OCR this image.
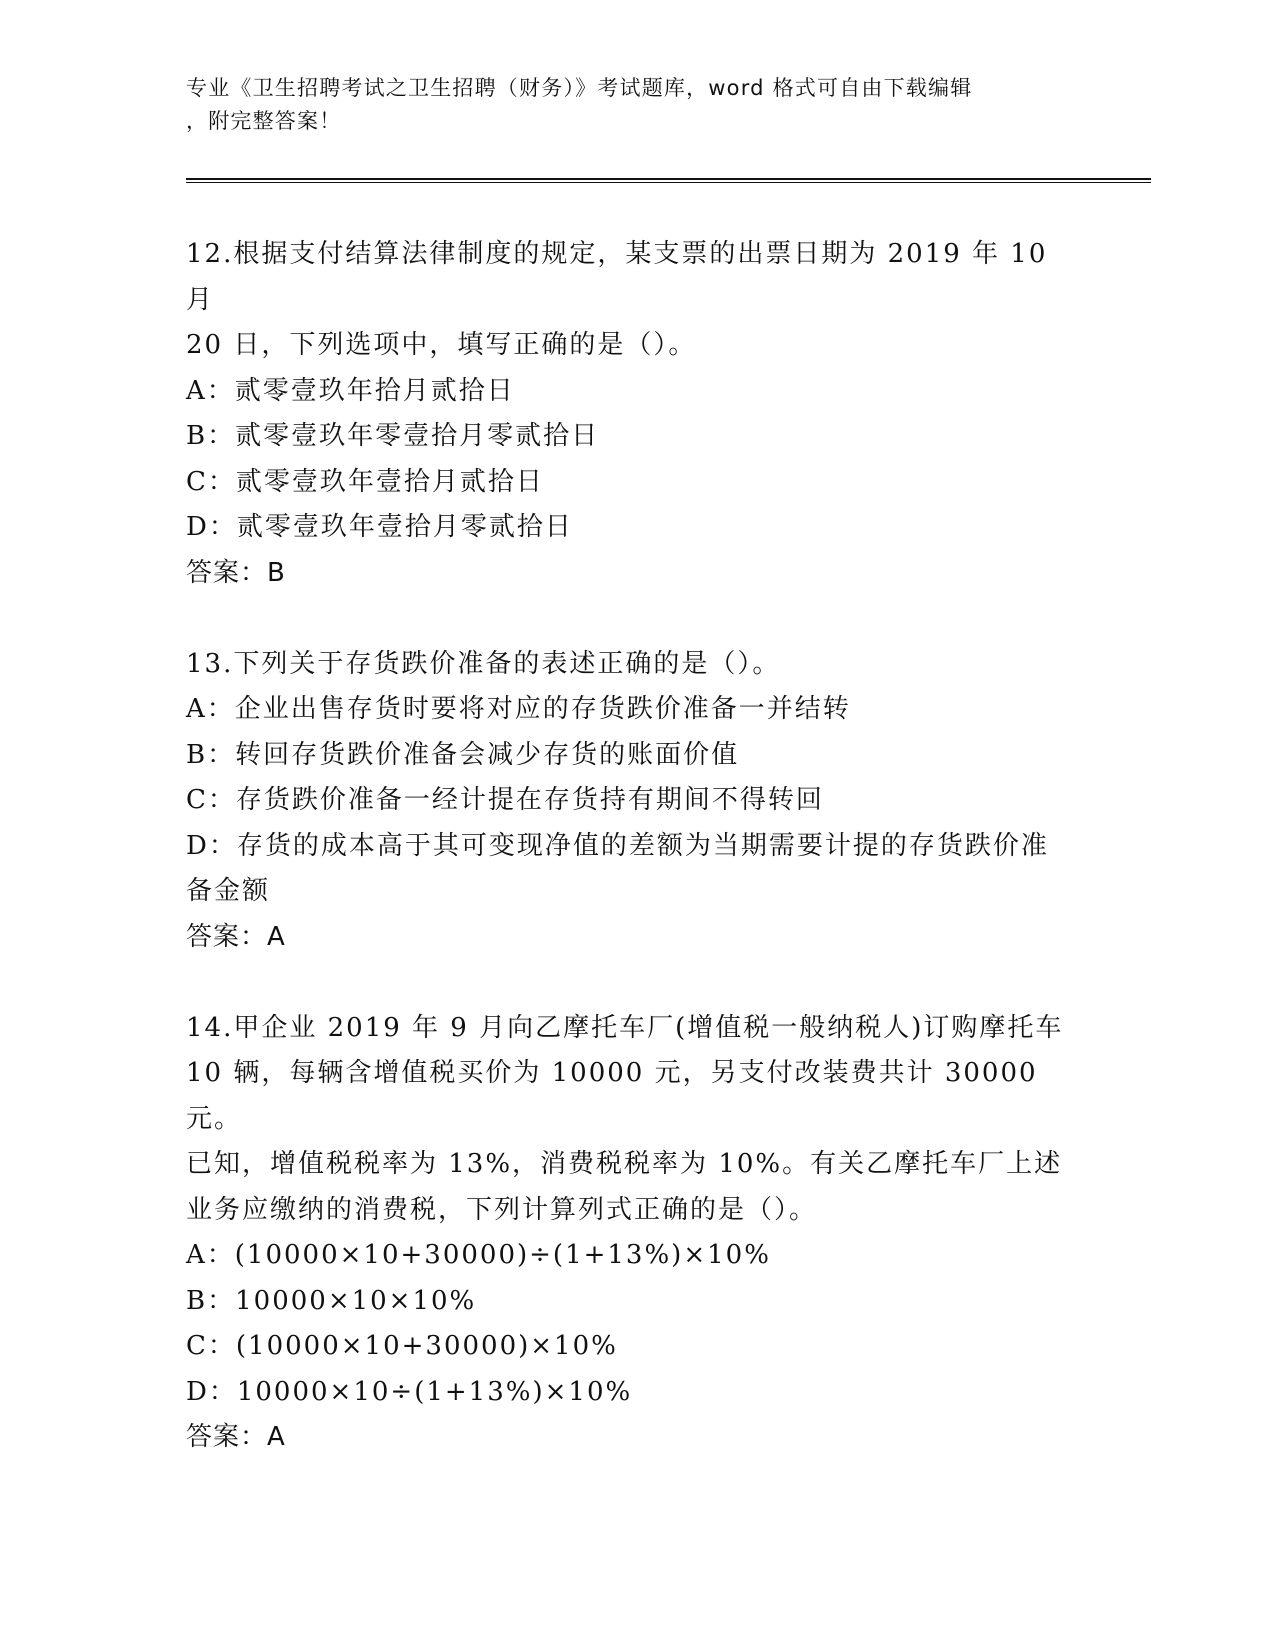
专业《卫生招聘考试之卫生招聘（财务）》考试题库，word 格式可自由下载编辑
，附完整答案！
12.根据支付结算法律制度的规定，某支票的出票日期为 2019 年 10 月
20 日，下列选项中，填写正确的是（）。
A：贰零壹玖年拾月贰拾日
B：贰零壹玖年零壹拾月零贰拾日
C：贰零壹玖年壹拾月贰拾日
D：贰零壹玖年壹拾月零贰拾日
答案：B
13.下列关于存货跌价准备的表述正确的是（）。
A：企业出售存货时要将对应的存货跌价准备一并结转
B：转回存货跌价准备会减少存货的账面价值
C：存货跌价准备一经计提在存货持有期间不得转回
D：存货的成本高于其可变现净值的差额为当期需要计提的存货跌价准
备金额
答案：A
14.甲企业 2019 年 9 月向乙摩托车厂(增值税一般纳税人)订购摩托车
10 辆，每辆含增值税买价为 10000 元，另支付改装费共计 30000 元。
已知，增值税税率为 13%，消费税税率为 10%。有关乙摩托车厂上述
业务应缴纳的消费税，下列计算列式正确的是（）。
A：(10000×10+30000)÷(1+13%)×10%
B：10000×10×10%
C：(10000×10+30000)×10%
D：10000×10÷(1+13%)×10%
答案：A
